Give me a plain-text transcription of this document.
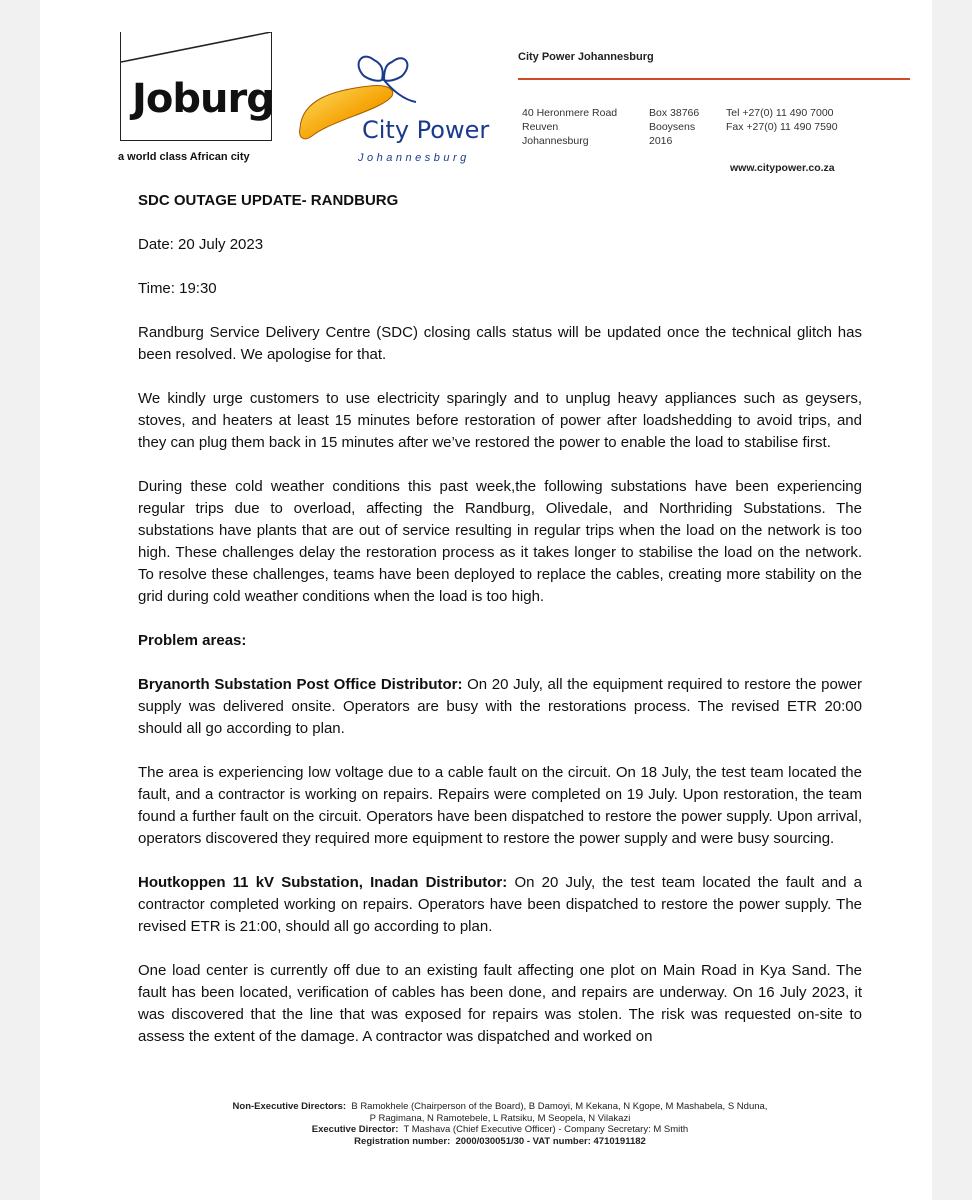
Joburg
a world class African city
City Power
Johannesburg
City Power Johannesburg
40 Heronmere Road
Reuven
Johannesburg
Box 38766
Booysens
2016
Tel +27(0) 11 490 7000
Fax +27(0) 11 490 7590
www.citypower.co.za

SDC OUTAGE UPDATE- RANDBURG

Date: 20 July 2023

Time: 19:30

Randburg Service Delivery Centre (SDC) closing calls status will be updated once the technical glitch has been resolved. We apologise for that.

We kindly urge customers to use electricity sparingly and to unplug heavy appliances such as geysers, stoves, and heaters at least 15 minutes before restoration of power after loadshedding to avoid trips, and they can plug them back in 15 minutes after we’ve restored the power to enable the load to stabilise first.

During these cold weather conditions this past week,the following substations have been experiencing regular trips due to overload, affecting the Randburg, Olivedale, and Northriding Substations. The substations have plants that are out of service resulting in regular trips when the load on the network is too high. These challenges delay the restoration process as it takes longer to stabilise the load on the network. To resolve these challenges, teams have been deployed to replace the cables, creating more stability on the grid during cold weather conditions when the load is too high.

Problem areas:

Bryanorth Substation Post Office Distributor: On 20 July, all the equipment required to restore the power supply was delivered onsite. Operators are busy with the restorations process. The revised ETR 20:00 should all go according to plan.

The area is experiencing low voltage due to a cable fault on the circuit. On 18 July, the test team located the fault, and a contractor is working on repairs. Repairs were completed on 19 July. Upon restoration, the team found a further fault on the circuit. Operators have been dispatched to restore the power supply. Upon arrival, operators discovered they required more equipment to restore the power supply and were busy sourcing.

Houtkoppen 11 kV Substation, Inadan Distributor: On 20 July, the test team located the fault and a contractor completed working on repairs. Operators have been dispatched to restore the power supply. The revised ETR is 21:00, should all go according to plan.

One load center is currently off due to an existing fault affecting one plot on Main Road in Kya Sand. The fault has been located, verification of cables has been done, and repairs are underway. On 16 July 2023, it was discovered that the line that was exposed for repairs was stolen. The risk was requested on-site to assess the extent of the damage. A contractor was dispatched and worked on

Non-Executive Directors: B Ramokhele (Chairperson of the Board), B Damoyi, M Kekana, N Kgope, M Mashabela, S Nduna,
P Ragimana, N Ramotebele, L Ratsiku, M Seopela, N Vilakazi
Executive Director: T Mashava (Chief Executive Officer) - Company Secretary: M Smith
Registration number: 2000/030051/30 - VAT number: 4710191182
